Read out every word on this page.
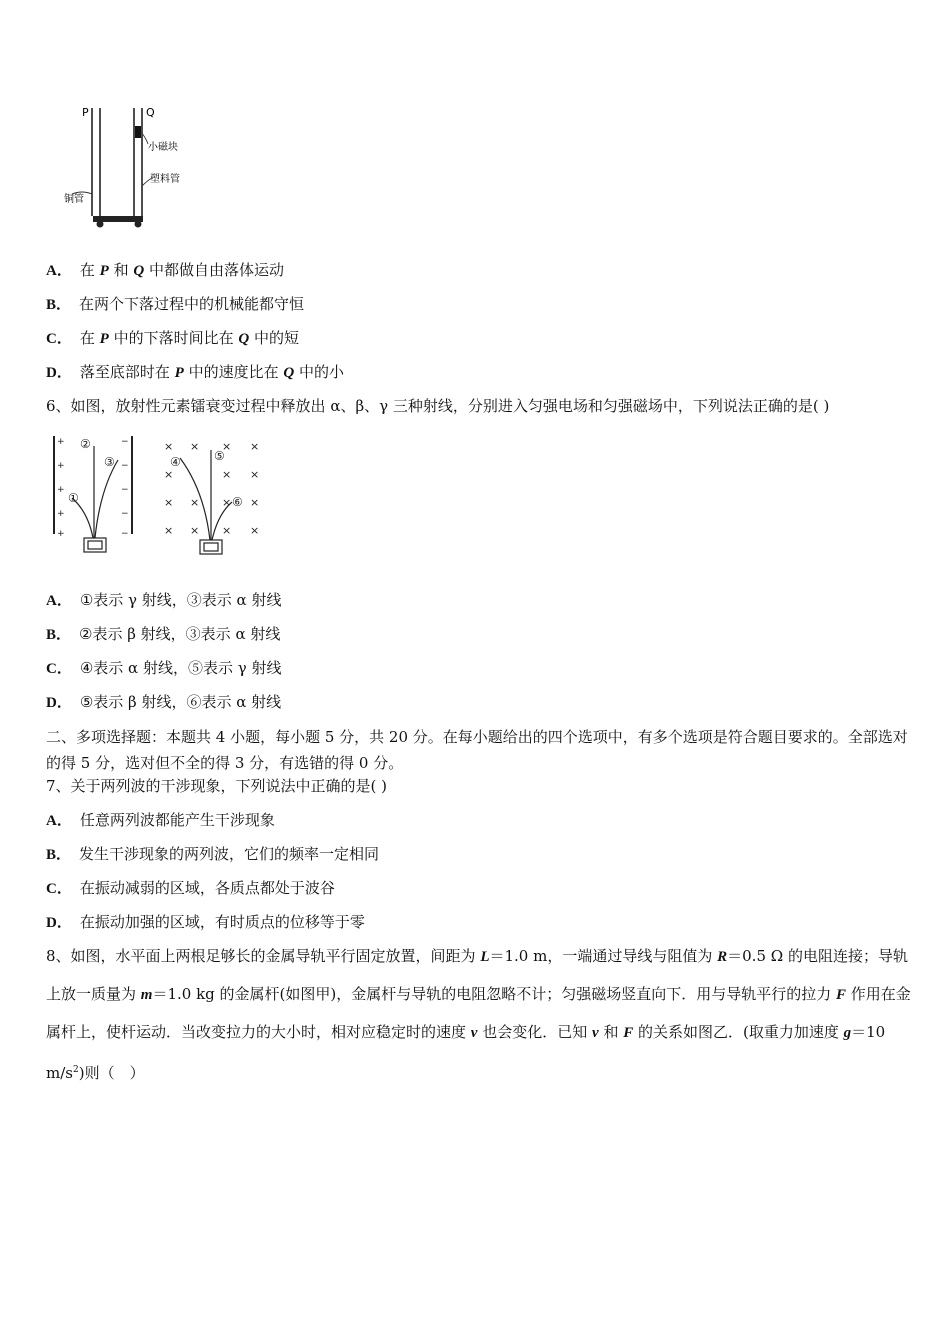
P	Q
小磁块
塑料管
铜管
A． 在 P 和 Q 中都做自由落体运动
B． 在两个下落过程中的机械能都守恒
C． 在 P 中的下落时间比在 Q 中的短
D． 落至底部时在 P 中的速度比在 Q 中的小
6、如图，放射性元素镭衰变过程中释放出 α、β、γ 三种射线，分别进入匀强电场和匀强磁场中，下列说法正确的是( )
+
+
+
+
+
−
−
−
−
−
①
②
③
× × × ×
× ×
×
× × × ×
× × × ×
④	⑤
⑥
A． ①表示 γ 射线，③表示 α 射线
B． ②表示 β 射线，③表示 α 射线
C． ④表示 α 射线，⑤表示 γ 射线
D． ⑤表示 β 射线，⑥表示 α 射线
二、多项选择题：本题共 4 小题，每小题 5 分，共 20 分。在每小题给出的四个选项中，有多个选项是符合题目要求的。全部选对的得 5 分，选对但不全的得 3 分，有选错的得 0 分。
7、关于两列波的干涉现象，下列说法中正确的是( )
A． 任意两列波都能产生干涉现象
B． 发生干涉现象的两列波，它们的频率一定相同
C． 在振动减弱的区域，各质点都处于波谷
D． 在振动加强的区域，有时质点的位移等于零
8、如图，水平面上两根足够长的金属导轨平行固定放置，间距为 L＝1.0 m，一端通过导线与阻值为 R＝0.5 Ω 的电阻连接；导轨上放一质量为 m＝1.0 kg 的金属杆(如图甲)，金属杆与导轨的电阻忽略不计；匀强磁场竖直向下．用与导轨平行的拉力 F 作用在金属杆上，使杆运动．当改变拉力的大小时，相对应稳定时的速度 v 也会变化．已知 v 和 F 的关系如图乙．(取重力加速度 g＝10 $m/s^2$)则（　）
